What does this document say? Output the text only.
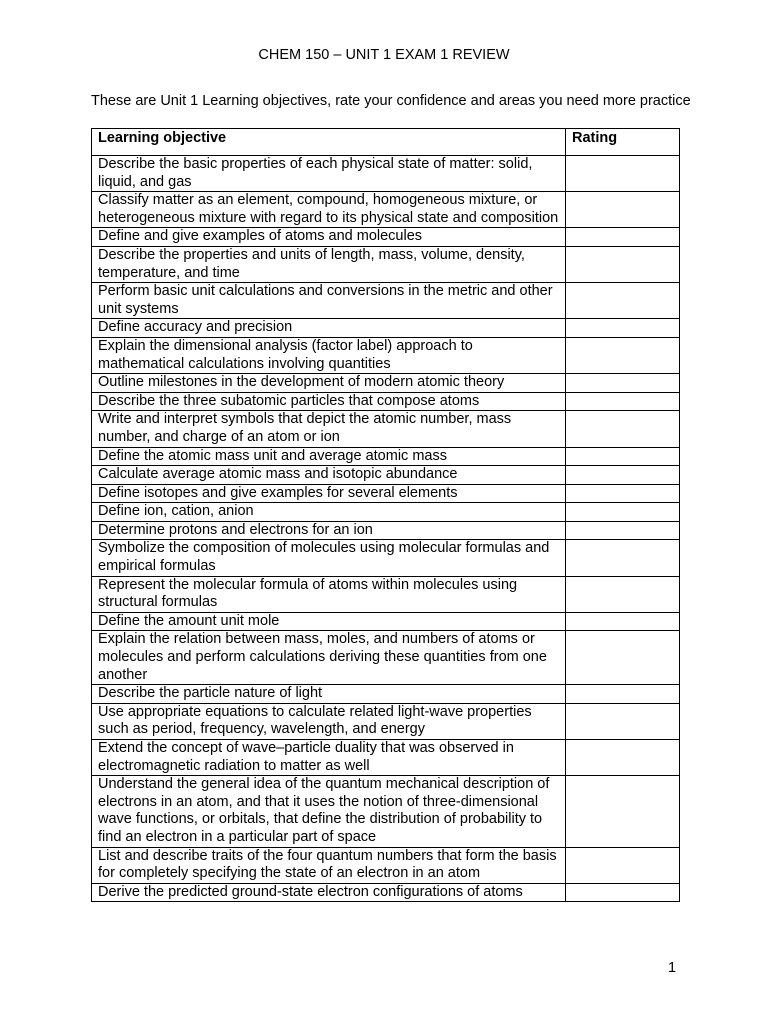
CHEM 150 – UNIT 1 EXAM 1 REVIEW

These are Unit 1 Learning objectives, rate your confidence and areas you need more practice

Learning objective	Rating
Describe the basic properties of each physical state of matter: solid, liquid, and gas	
Classify matter as an element, compound, homogeneous mixture, or heterogeneous mixture with regard to its physical state and composition	
Define and give examples of atoms and molecules	
Describe the properties and units of length, mass, volume, density, temperature, and time	
Perform basic unit calculations and conversions in the metric and other unit systems	
Define accuracy and precision	
Explain the dimensional analysis (factor label) approach to mathematical calculations involving quantities	
Outline milestones in the development of modern atomic theory	
Describe the three subatomic particles that compose atoms	
Write and interpret symbols that depict the atomic number, mass number, and charge of an atom or ion	
Define the atomic mass unit and average atomic mass	
Calculate average atomic mass and isotopic abundance	
Define isotopes and give examples for several elements	
Define ion, cation, anion	
Determine protons and electrons for an ion	
Symbolize the composition of molecules using molecular formulas and empirical formulas	
Represent the molecular formula of atoms within molecules using structural formulas	
Define the amount unit mole	
Explain the relation between mass, moles, and numbers of atoms or molecules and perform calculations deriving these quantities from one another	
Describe the particle nature of light	
Use appropriate equations to calculate related light-wave properties such as period, frequency, wavelength, and energy	
Extend the concept of wave–particle duality that was observed in electromagnetic radiation to matter as well	
Understand the general idea of the quantum mechanical description of electrons in an atom, and that it uses the notion of three-dimensional wave functions, or orbitals, that define the distribution of probability to find an electron in a particular part of space	
List and describe traits of the four quantum numbers that form the basis for completely specifying the state of an electron in an atom	
Derive the predicted ground-state electron configurations of atoms	
1
